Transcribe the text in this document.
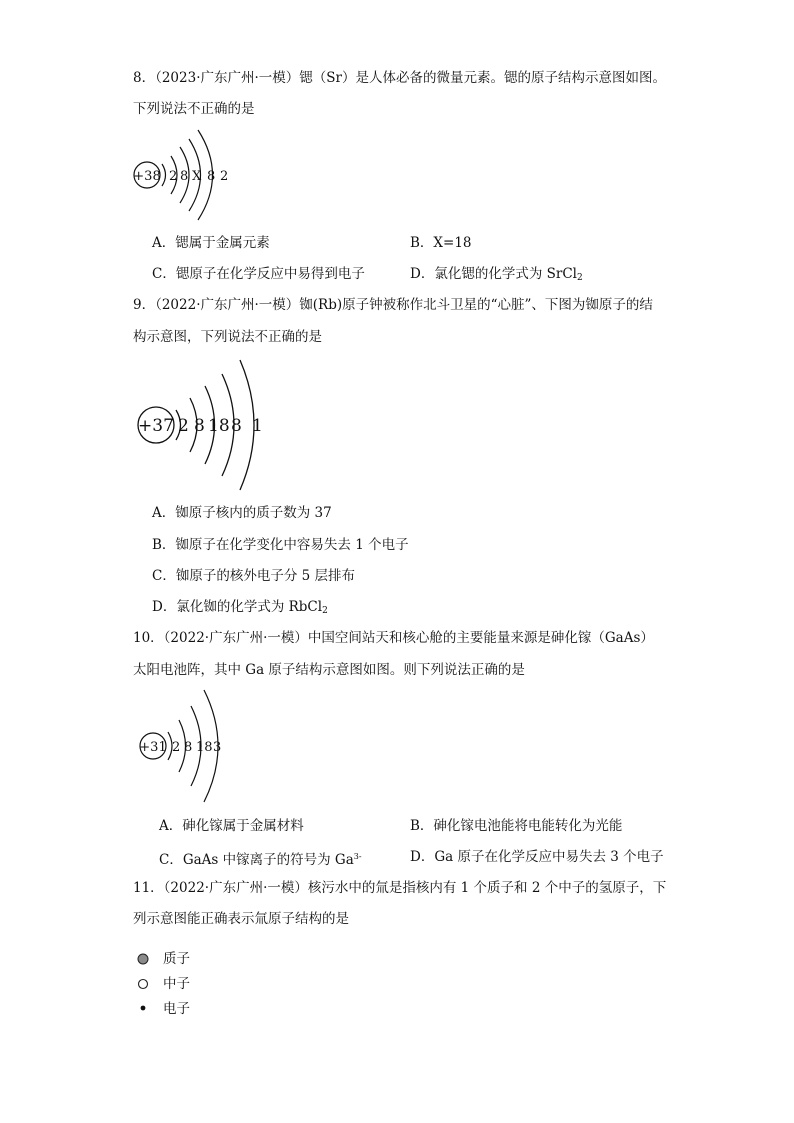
8．（2023·广东广州·一模）锶（Sr）是人体必备的微量元素。锶的原子结构示意图如图。
下列说法不正确的是
+38 2 8 X 8 2
A．锶属于金属元素	B．X=18
C．锶原子在化学反应中易得到电子	D．氯化锶的化学式为 SrCl$_2$
9．（2022·广东广州·一模）铷(Rb)原子钟被称作北斗卫星的“心脏”、下图为铷原子的结
构示意图，下列说法不正确的是
+37 2 8 18 8 1
A．铷原子核内的质子数为 37
B．铷原子在化学变化中容易失去 1 个电子
C．铷原子的核外电子分 5 层排布
D．氯化铷的化学式为 RbCl$_2$
10．（2022·广东广州·一模）中国空间站天和核心舱的主要能量来源是砷化镓（GaAs）
太阳电池阵，其中 Ga 原子结构示意图如图。则下列说法正确的是
+31 2 8 18 3
A．砷化镓属于金属材料	B．砷化镓电池能将电能转化为光能
C．GaAs 中镓离子的符号为 $Ga^{3-}$	D．Ga 原子在化学反应中易失去 3 个电子
11．（2022·广东广州·一模）核污水中的氚是指核内有 1 个质子和 2 个中子的氢原子，下
列示意图能正确表示氚原子结构的是
质子
中子
电子
